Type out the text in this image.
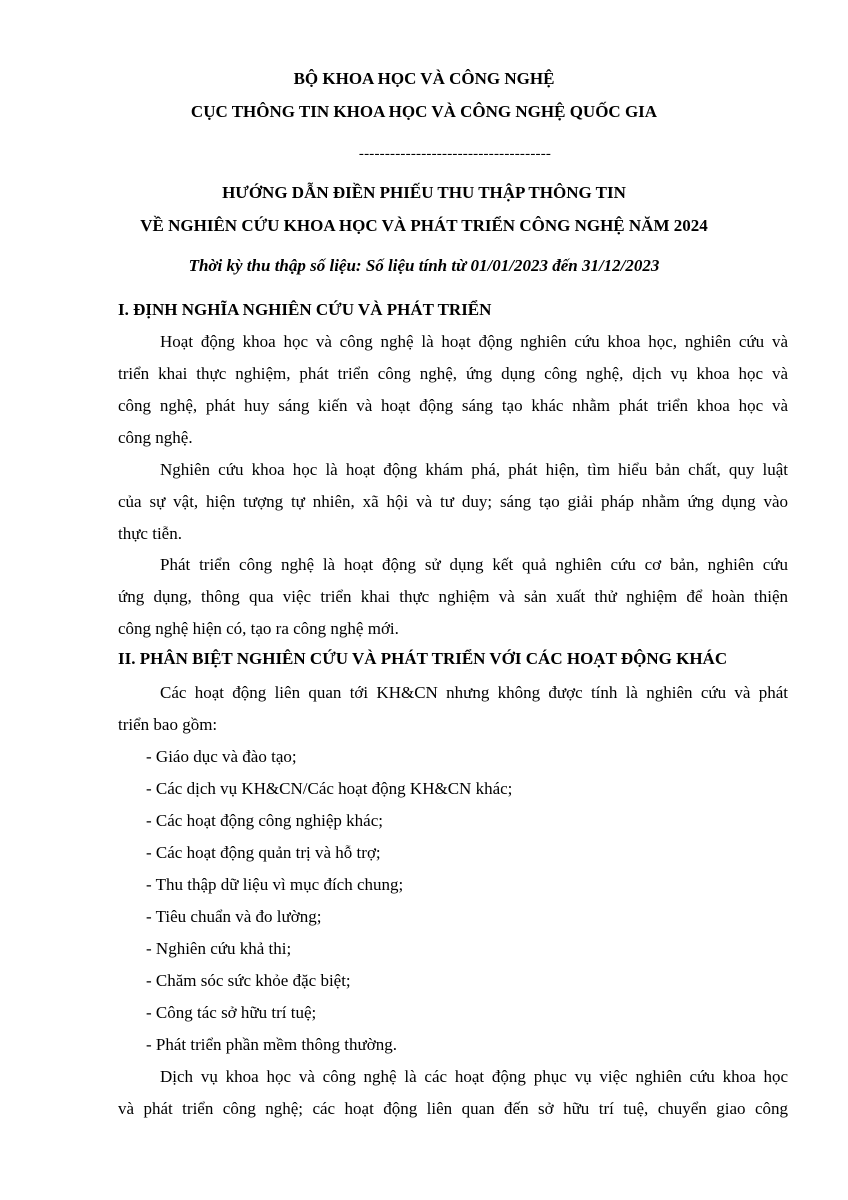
BỘ KHOA HỌC VÀ CÔNG NGHỆ
CỤC THÔNG TIN KHOA HỌC VÀ CÔNG NGHỆ QUỐC GIA
-------------------------------------
HƯỚNG DẪN ĐIỀN PHIẾU THU THẬP THÔNG TIN
VỀ NGHIÊN CỨU KHOA HỌC VÀ PHÁT TRIỂN CÔNG NGHỆ NĂM 2024
Thời kỳ thu thập số liệu: Số liệu tính từ 01/01/2023 đến 31/12/2023
I. ĐỊNH NGHĨA NGHIÊN CỨU VÀ PHÁT TRIỂN
Hoạt động khoa học và công nghệ là hoạt động nghiên cứu khoa học, nghiên cứu và
triển khai thực nghiệm, phát triển công nghệ, ứng dụng công nghệ, dịch vụ khoa học và
công nghệ, phát huy sáng kiến và hoạt động sáng tạo khác nhằm phát triển khoa học và
công nghệ.
Nghiên cứu khoa học là hoạt động khám phá, phát hiện, tìm hiểu bản chất, quy luật
của sự vật, hiện tượng tự nhiên, xã hội và tư duy; sáng tạo giải pháp nhằm ứng dụng vào
thực tiễn.
Phát triển công nghệ là hoạt động sử dụng kết quả nghiên cứu cơ bản, nghiên cứu
ứng dụng, thông qua việc triển khai thực nghiệm và sản xuất thử nghiệm để hoàn thiện
công nghệ hiện có, tạo ra công nghệ mới.
II. PHÂN BIỆT NGHIÊN CỨU VÀ PHÁT TRIỂN VỚI CÁC HOẠT ĐỘNG KHÁC
Các hoạt động liên quan tới KH&CN nhưng không được tính là nghiên cứu và phát
triển bao gồm:
- Giáo dục và đào tạo;
- Các dịch vụ KH&CN/Các hoạt động KH&CN khác;
- Các hoạt động công nghiệp khác;
- Các hoạt động quản trị và hỗ trợ;
- Thu thập dữ liệu vì mục đích chung;
- Tiêu chuẩn và đo lường;
- Nghiên cứu khả thi;
- Chăm sóc sức khỏe đặc biệt;
- Công tác sở hữu trí tuệ;
- Phát triển phần mềm thông thường.
Dịch vụ khoa học và công nghệ là các hoạt động phục vụ việc nghiên cứu khoa học
và phát triển công nghệ; các hoạt động liên quan đến sở hữu trí tuệ, chuyển giao công
